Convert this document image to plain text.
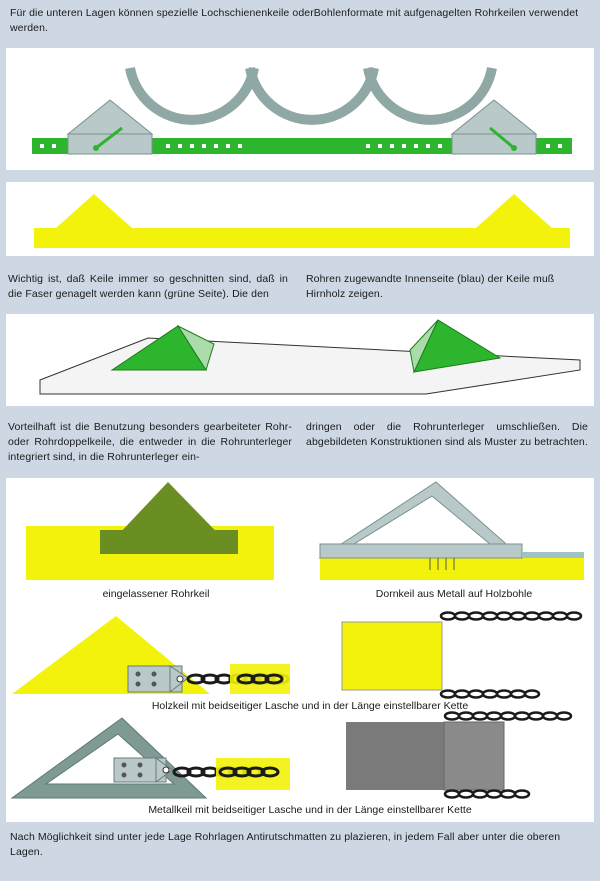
Für die unteren Lagen können spezielle Lochschienenkeile oderBohlenformate mit aufgenagelten Rohrkeilen verwendet werden.
Wichtig ist, daß Keile immer so geschnitten sind, daß in die Faser genagelt werden kann (grüne Seite). Die den
Rohren zugewandte Innenseite (blau) der Keile muß Hirnholz zeigen.
Vorteilhaft ist die Benutzung besonders gearbeiteter Rohr- oder Rohrdoppelkeile, die entweder in die Rohrunterleger integriert sind, in die Rohrunterleger ein-
dringen oder die Rohrunterleger umschließen. Die abgebildeten Konstruktionen sind als Muster zu betrachten.
eingelassener Rohrkeil	Dornkeil aus Metall auf Holzbohle
Holzkeil mit beidseitiger Lasche und in der Länge einstellbarer Kette
Metallkeil mit beidseitiger Lasche und in der Länge einstellbarer Kette
Nach Möglichkeit sind unter jede Lage Rohrlagen Antirutschmatten zu plazieren, in jedem Fall aber unter die oberen Lagen.
